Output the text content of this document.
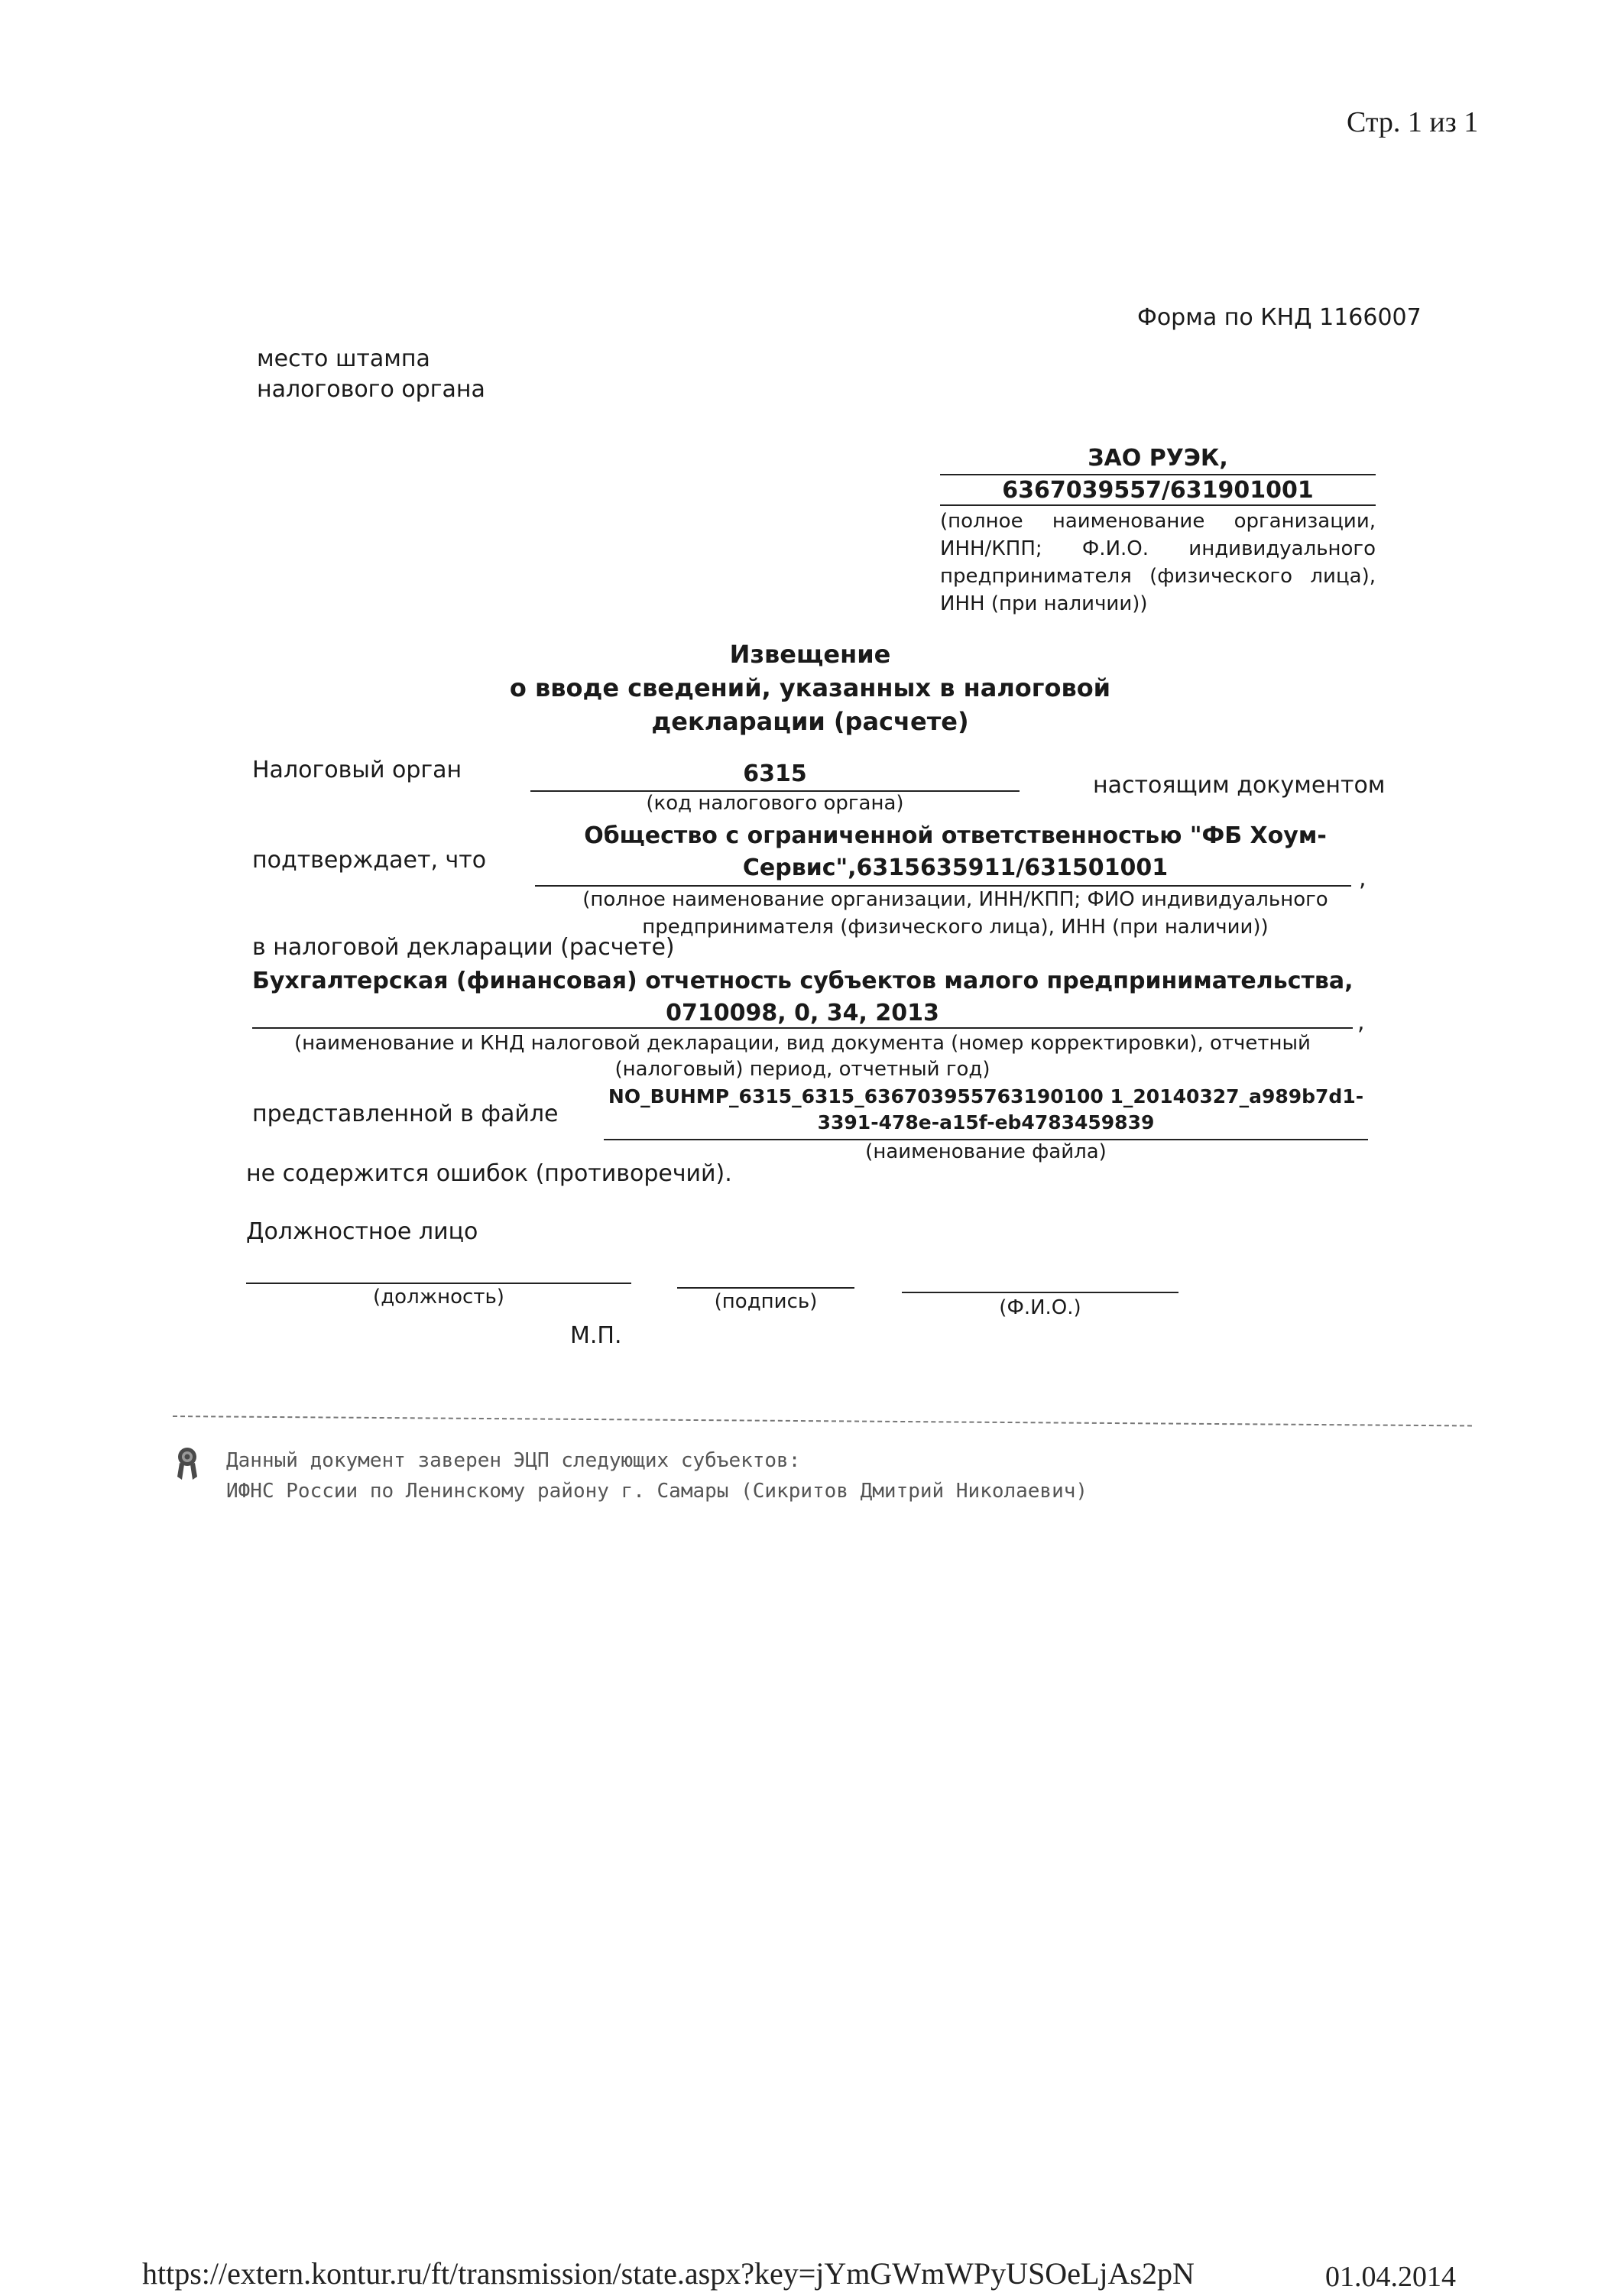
Стр. 1 из 1
Форма по КНД 1166007
место штампа
налогового органа
ЗАО РУЭК,
6367039557/631901001
(полное наименование организации,
ИНН/КПП; Ф.И.О. индивидуального
предпринимателя (физического лица),
ИНН (при наличии))
Извещение
о вводе сведений, указанных в налоговой
декларации (расчете)
Налоговый орган	6315
(код налогового органа)
настоящим документом
подтверждает, что
Общество с ограниченной ответственностью "ФБ Хоум-
Сервис",6315635911/631501001	,
(полное наименование организации, ИНН/КПП; ФИО индивидуального
предпринимателя (физического лица), ИНН (при наличии))
в налоговой декларации (расчете)
Бухгалтерская (финансовая) отчетность субъектов малого предпринимательства,
0710098, 0, 34, 2013	,
(наименование и КНД налоговой декларации, вид документа (номер корректировки), отчетный
(налоговый) период, отчетный год)
представленной в файле
NO_BUHMP_6315_6315_636703955763190100 1_20140327_a989b7d1-
3391-478e-a15f-eb4783459839
(наименование файла)
не содержится ошибок (противоречий).
Должностное лицо
(должность)	(подпись)	(Ф.И.О.)
М.П.
Данный документ заверен ЭЦП следующих субъектов:
ИФНС России по Ленинскому району г. Самары (Сикритов Дмитрий Николаевич)
https://extern.kontur.ru/ft/transmission/state.aspx?key=jYmGWmWPyUSOeLjAs2pN	01.04.2014
